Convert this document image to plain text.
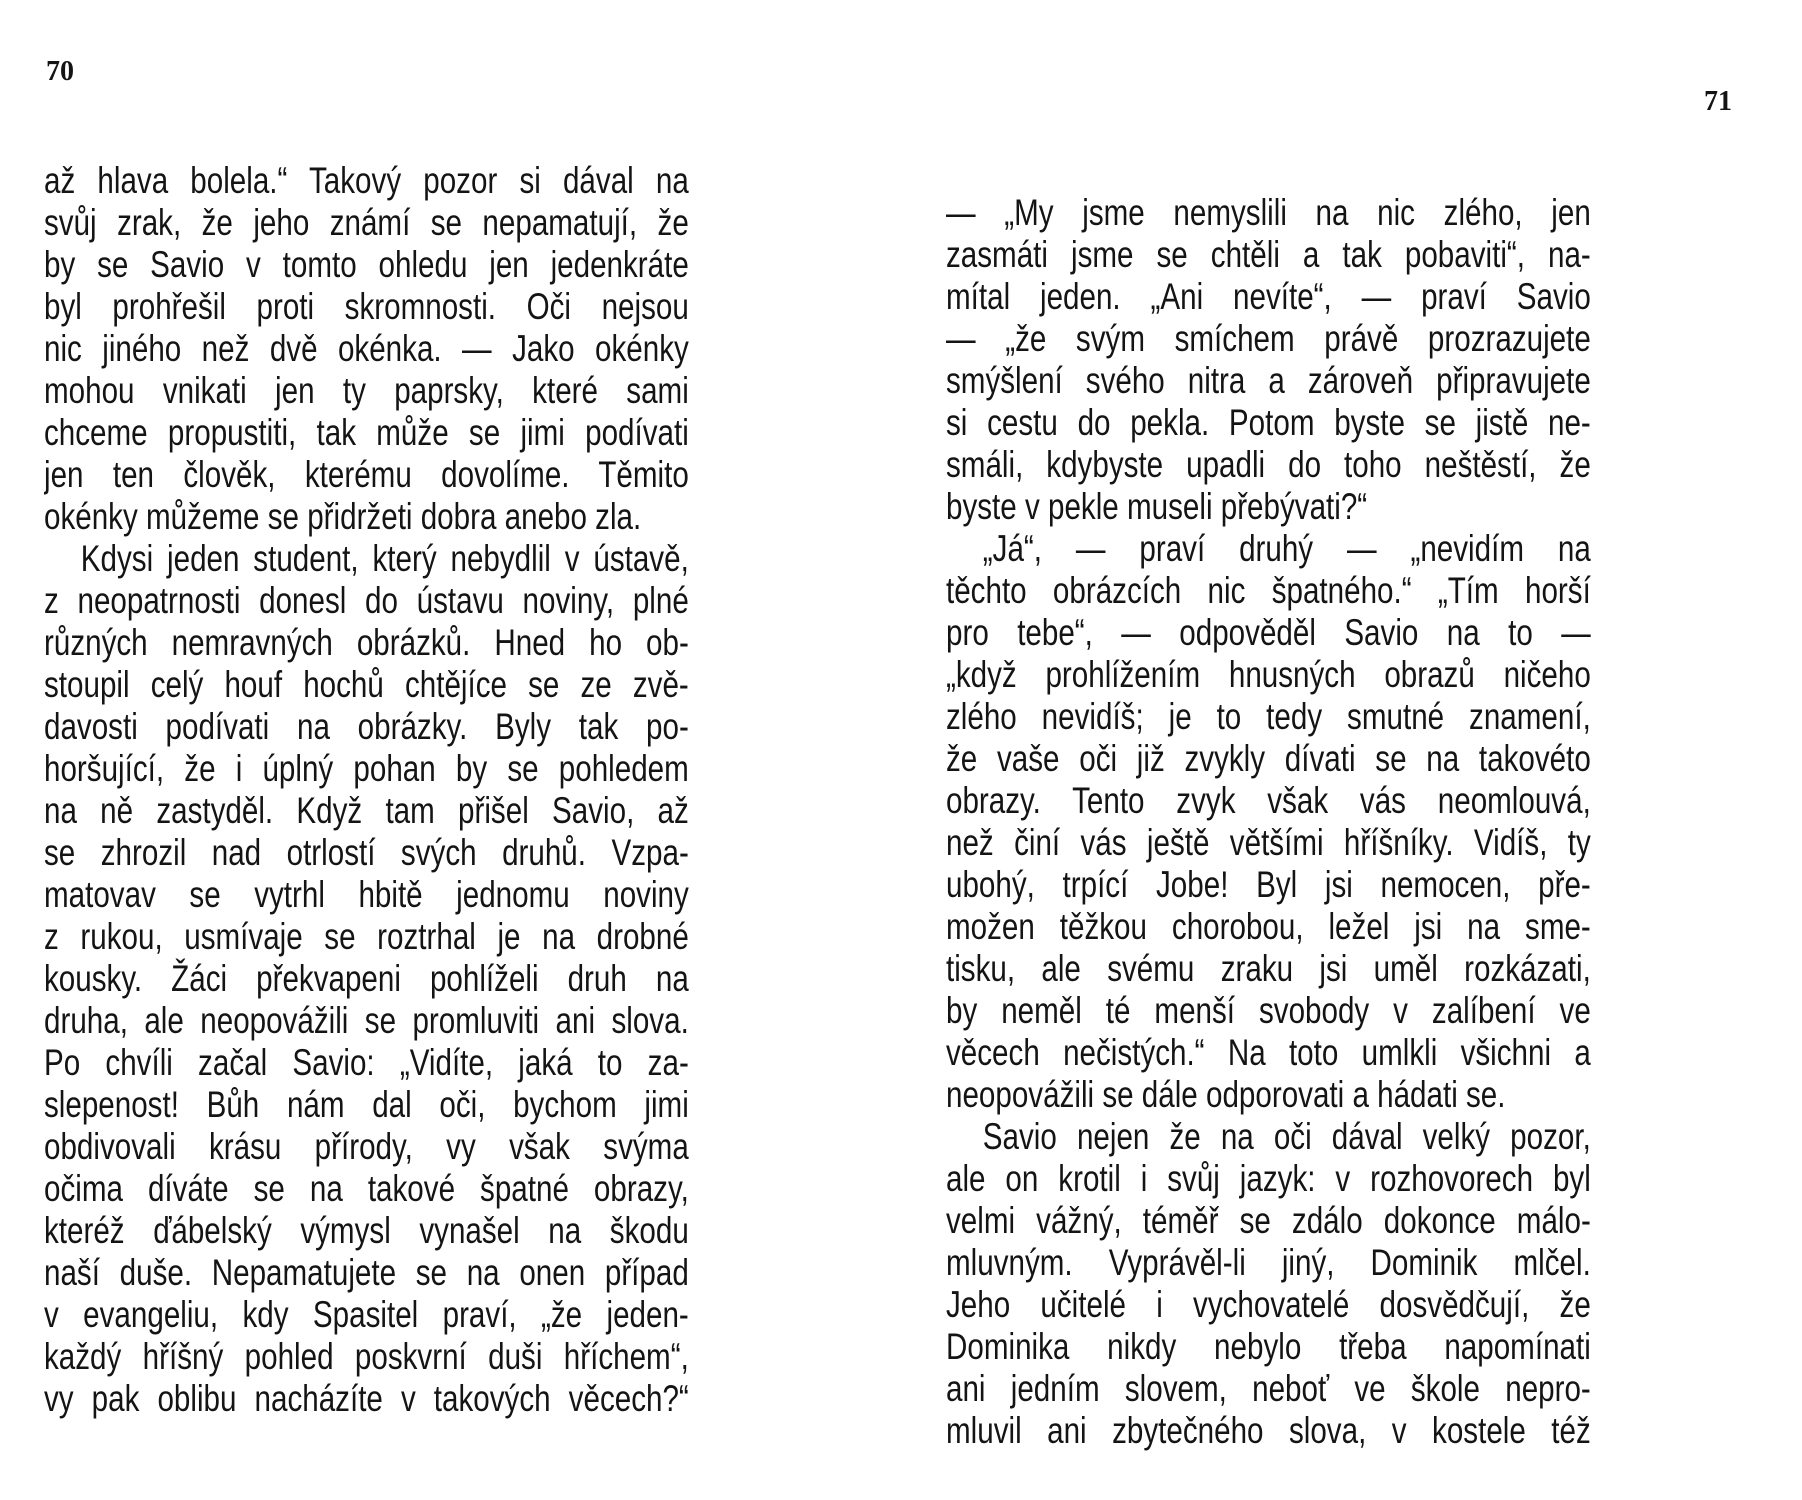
70
až hlava bolela.“ Takový pozor si dával na
svůj zrak, že jeho známí se nepamatují, že
by se Savio v tomto ohledu jen jedenkráte
byl prohřešil proti skromnosti. Oči nejsou
nic jiného než dvě okénka. — Jako okénky
mohou vnikati jen ty paprsky, které sami
chceme propustiti, tak může se jimi podívati
jen ten člověk, kterému dovolíme. Těmito
okénky můžeme se přidržeti dobra anebo zla.
Kdysi jeden student, který nebydlil v ústavě,
z neopatrnosti donesl do ústavu noviny, plné
různých nemravných obrázků. Hned ho ob-
stoupil celý houf hochů chtějíce se ze zvě-
davosti podívati na obrázky. Byly tak po-
horšující, že i úplný pohan by se pohledem
na ně zastyděl. Když tam přišel Savio, až
se zhrozil nad otrlostí svých druhů. Vzpa-
matovav se vytrhl hbitě jednomu noviny
z rukou, usmívaje se roztrhal je na drobné
kousky. Žáci překvapeni pohlíželi druh na
druha, ale neopovážili se promluviti ani slova.
Po chvíli začal Savio: „Vidíte, jaká to za-
slepenost! Bůh nám dal oči, bychom jimi
obdivovali krásu přírody, vy však svýma
očima díváte se na takové špatné obrazy,
kteréž ďábelský výmysl vynašel na škodu
naší duše. Nepamatujete se na onen případ
v evangeliu, kdy Spasitel praví, „že jeden-
každý hříšný pohled poskvrní duši hříchem“,
vy pak oblibu nacházíte v takových věcech?“
71
— „My jsme nemyslili na nic zlého, jen
zasmáti jsme se chtěli a tak pobaviti“, na-
mítal jeden. „Ani nevíte“, — praví Savio
— „že svým smíchem právě prozrazujete
smýšlení svého nitra a zároveň připravujete
si cestu do pekla. Potom byste se jistě ne-
smáli, kdybyste upadli do toho neštěstí, že
byste v pekle museli přebývati?“
„Já“, — praví druhý — „nevidím na
těchto obrázcích nic špatného.“ „Tím horší
pro tebe“, — odpověděl Savio na to —
„když prohlížením hnusných obrazů ničeho
zlého nevidíš; je to tedy smutné znamení,
že vaše oči již zvykly dívati se na takovéto
obrazy. Tento zvyk však vás neomlouvá,
než činí vás ještě většími hříšníky. Vidíš, ty
ubohý, trpící Jobe! Byl jsi nemocen, pře-
možen těžkou chorobou, ležel jsi na sme-
tisku, ale svému zraku jsi uměl rozkázati,
by neměl té menší svobody v zalíbení ve
věcech nečistých.“ Na toto umlkli všichni a
neopovážili se dále odporovati a hádati se.
Savio nejen že na oči dával velký pozor,
ale on krotil i svůj jazyk: v rozhovorech byl
velmi vážný, téměř se zdálo dokonce málo-
mluvným. Vyprávěl-li jiný, Dominik mlčel.
Jeho učitelé i vychovatelé dosvědčují, že
Dominika nikdy nebylo třeba napomínati
ani jedním slovem, neboť ve škole nepro-
mluvil ani zbytečného slova, v kostele též
